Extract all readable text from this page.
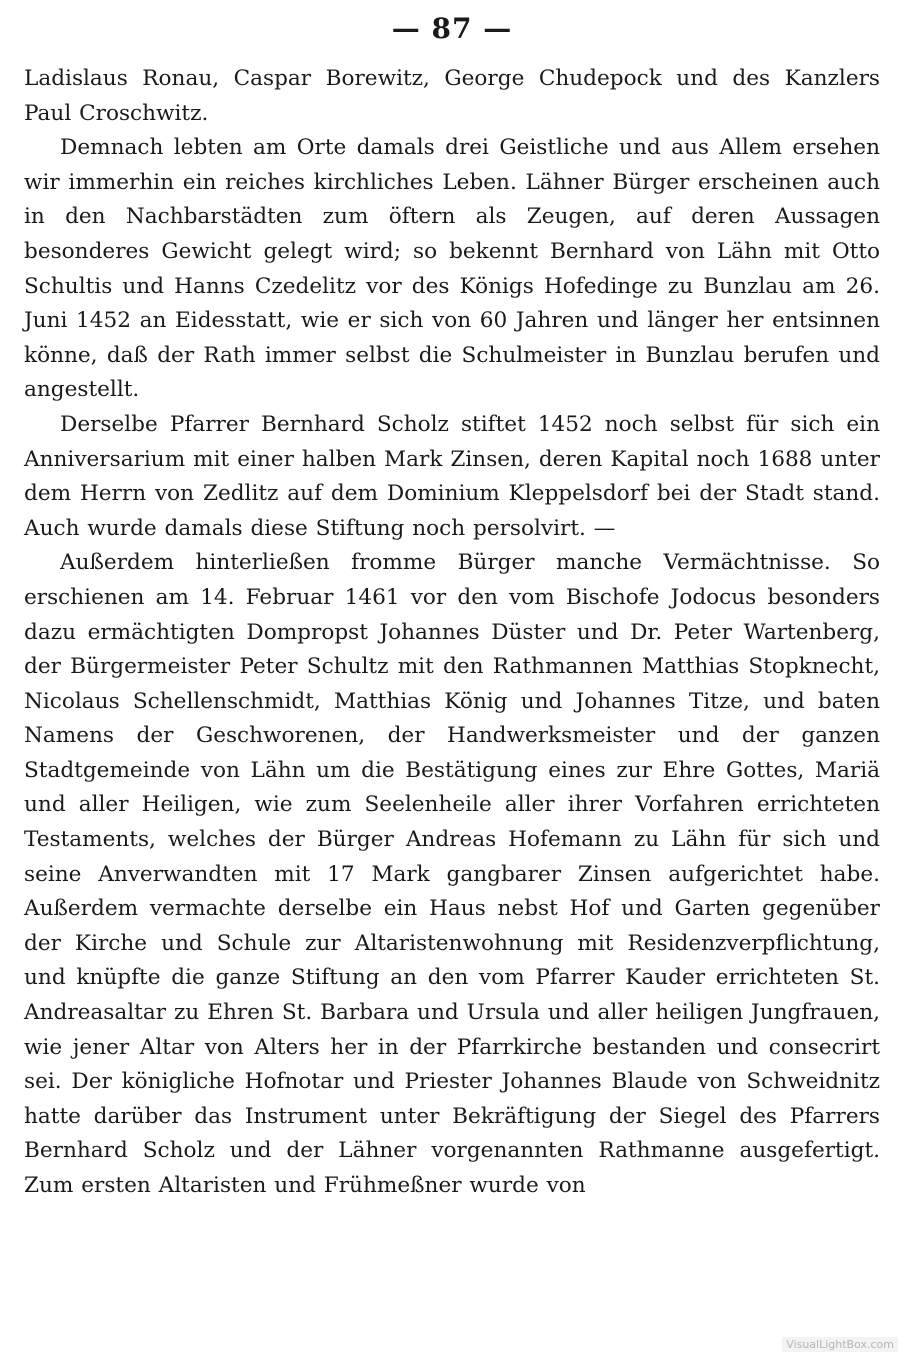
— 87 —

Ladislaus Ronau, Caspar Borewitz, George Chudepock und des Kanzlers Paul Croschwitz.

Demnach lebten am Orte damals drei Geistliche und aus Allem ersehen wir immerhin ein reiches kirchliches Leben. Lähner Bürger erscheinen auch in den Nachbarstädten zum öftern als Zeugen, auf deren Aussagen besonderes Gewicht gelegt wird; so bekennt Bernhard von Lähn mit Otto Schultis und Hanns Czedelitz vor des Königs Hofedinge zu Bunzlau am 26. Juni 1452 an Eidesstatt, wie er sich von 60 Jahren und länger her entsinnen könne, daß der Rath immer selbst die Schulmeister in Bunzlau berufen und angestellt.

Derselbe Pfarrer Bernhard Scholz stiftet 1452 noch selbst für sich ein Anniversarium mit einer halben Mark Zinsen, deren Kapital noch 1688 unter dem Herrn von Zedlitz auf dem Dominium Kleppelsdorf bei der Stadt stand. Auch wurde damals diese Stiftung noch persolvirt. —

Außerdem hinterließen fromme Bürger manche Vermächtnisse. So erschienen am 14. Februar 1461 vor den vom Bischofe Jodocus besonders dazu ermächtigten Dompropst Johannes Düster und Dr. Peter Wartenberg, der Bürgermeister Peter Schultz mit den Rathmannen Matthias Stopknecht, Nicolaus Schellenschmidt, Matthias König und Johannes Titze, und baten Namens der Geschworenen, der Handwerksmeister und der ganzen Stadtgemeinde von Lähn um die Bestätigung eines zur Ehre Gottes, Mariä und aller Heiligen, wie zum Seelenheile aller ihrer Vorfahren errichteten Testaments, welches der Bürger Andreas Hofemann zu Lähn für sich und seine Anverwandten mit 17 Mark gangbarer Zinsen aufgerichtet habe. Außerdem vermachte derselbe ein Haus nebst Hof und Garten gegenüber der Kirche und Schule zur Altaristenwohnung mit Residenzverpflichtung, und knüpfte die ganze Stiftung an den vom Pfarrer Kauder errichteten St. Andreasaltar zu Ehren St. Barbara und Ursula und aller heiligen Jungfrauen, wie jener Altar von Alters her in der Pfarrkirche bestanden und consecrirt sei. Der königliche Hofnotar und Priester Johannes Blaude von Schweidnitz hatte darüber das Instrument unter Bekräftigung der Siegel des Pfarrers Bernhard Scholz und der Lähner vorgenannten Rathmanne ausgefertigt. Zum ersten Altaristen und Frühmeßner wurde von

VisualLightBox.com
